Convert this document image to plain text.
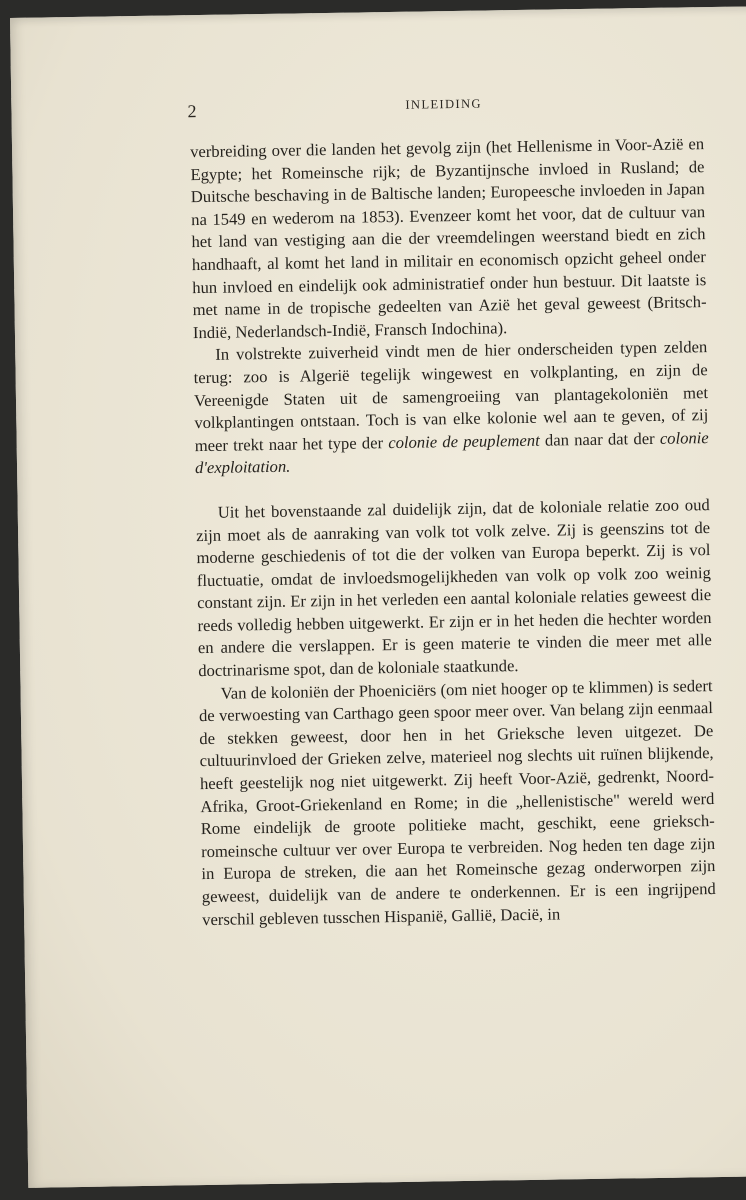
2	INLEIDING

verbreiding over die landen het gevolg zijn (het Hellenisme in Voor-Azië en Egypte; het Romeinsche rijk; de Byzantijnsche invloed in Rusland; de Duitsche beschaving in de Baltische landen; Europeesche invloeden in Japan na 1549 en wederom na 1853). Evenzeer komt het voor, dat de cultuur van het land van vestiging aan die der vreemdelingen weerstand biedt en zich handhaaft, al komt het land in militair en economisch opzicht geheel onder hun invloed en eindelijk ook administratief onder hun bestuur. Dit laatste is met name in de tropische gedeelten van Azië het geval geweest (Britsch-Indië, Nederlandsch-Indië, Fransch Indochina).

In volstrekte zuiverheid vindt men de hier onderscheiden typen zelden terug: zoo is Algerië tegelijk wingewest en volkplanting, en zijn de Vereenigde Staten uit de samengroeiing van plantagekoloniën met volkplantingen ontstaan. Toch is van elke kolonie wel aan te geven, of zij meer trekt naar het type der colonie de peuplement dan naar dat der colonie d'exploitation.

Uit het bovenstaande zal duidelijk zijn, dat de koloniale relatie zoo oud zijn moet als de aanraking van volk tot volk zelve. Zij is geenszins tot de moderne geschiedenis of tot die der volken van Europa beperkt. Zij is vol fluctuatie, omdat de invloedsmogelijkheden van volk op volk zoo weinig constant zijn. Er zijn in het verleden een aantal koloniale relaties geweest die reeds volledig hebben uitgewerkt. Er zijn er in het heden die hechter worden en andere die verslappen. Er is geen materie te vinden die meer met alle doctrinarisme spot, dan de koloniale staatkunde.

Van de koloniën der Phoeniciërs (om niet hooger op te klimmen) is sedert de verwoesting van Carthago geen spoor meer over. Van belang zijn eenmaal de stekken geweest, door hen in het Grieksche leven uitgezet. De cultuurinvloed der Grieken zelve, materieel nog slechts uit ruïnen blijkende, heeft geestelijk nog niet uitgewerkt. Zij heeft Voor-Azië, gedrenkt, Noord-Afrika, Groot-Griekenland en Rome; in die „hellenistische" wereld werd Rome eindelijk de groote politieke macht, geschikt, eene grieksch-romeinsche cultuur ver over Europa te verbreiden. Nog heden ten dage zijn in Europa de streken, die aan het Romeinsche gezag onderworpen zijn geweest, duidelijk van de andere te onderkennen. Er is een ingrijpend verschil gebleven tusschen Hispanië, Gallië, Dacië, in
